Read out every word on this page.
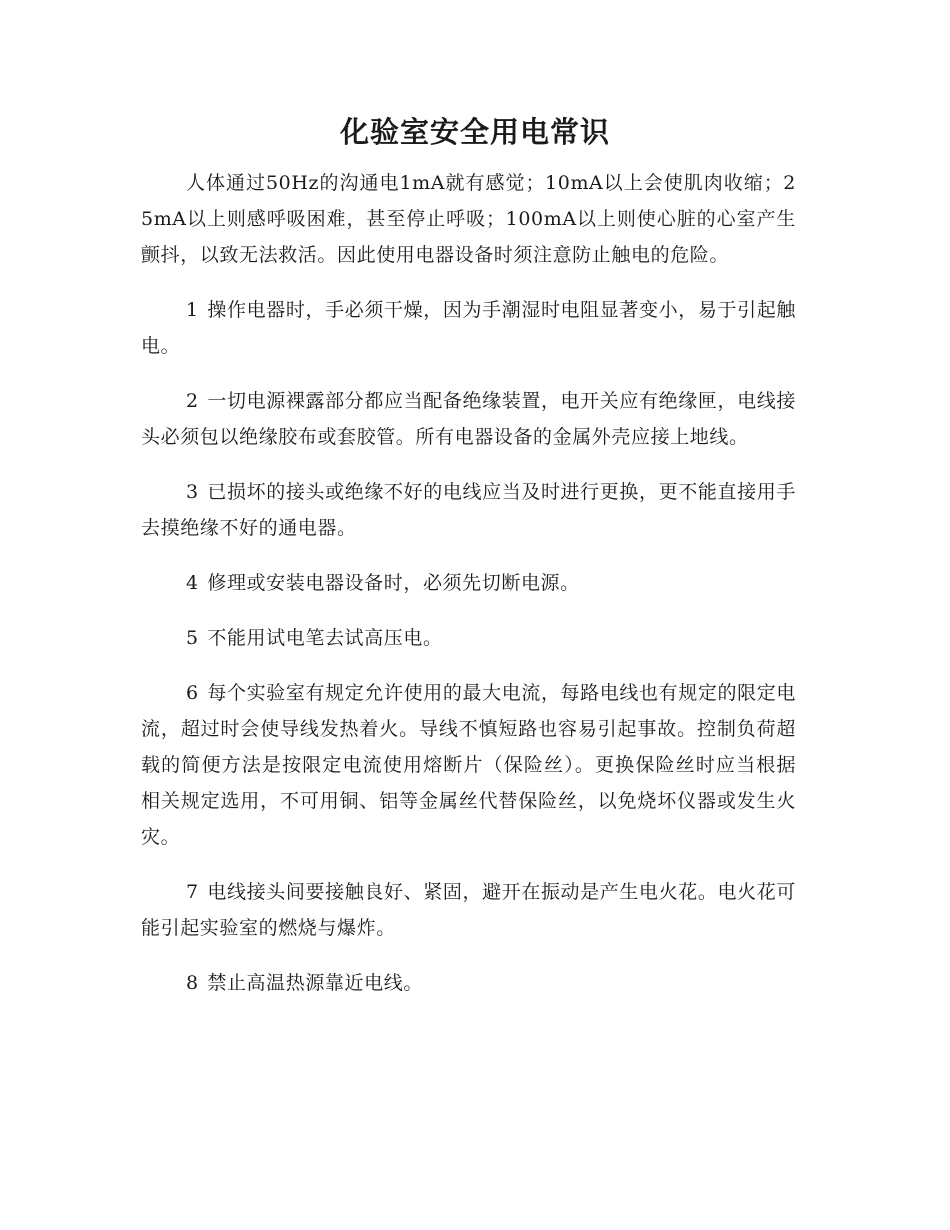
化验室安全用电常识

人体通过50Hz的沟通电1mA就有感觉；10mA以上会使肌肉收缩；25mA以上则感呼吸困难，甚至停止呼吸；100mA以上则使心脏的心室产生颤抖，以致无法救活。因此使用电器设备时须注意防止触电的危险。

1 操作电器时，手必须干燥，因为手潮湿时电阻显著变小，易于引起触电。

2 一切电源裸露部分都应当配备绝缘装置，电开关应有绝缘匣，电线接头必须包以绝缘胶布或套胶管。所有电器设备的金属外壳应接上地线。

3 已损坏的接头或绝缘不好的电线应当及时进行更换，更不能直接用手去摸绝缘不好的通电器。

4 修理或安装电器设备时，必须先切断电源。

5 不能用试电笔去试高压电。

6 每个实验室有规定允许使用的最大电流，每路电线也有规定的限定电流，超过时会使导线发热着火。导线不慎短路也容易引起事故。控制负荷超载的简便方法是按限定电流使用熔断片（保险丝）。更换保险丝时应当根据相关规定选用，不可用铜、铝等金属丝代替保险丝，以免烧坏仪器或发生火灾。

7 电线接头间要接触良好、紧固，避开在振动是产生电火花。电火花可能引起实验室的燃烧与爆炸。

8 禁止高温热源靠近电线。
